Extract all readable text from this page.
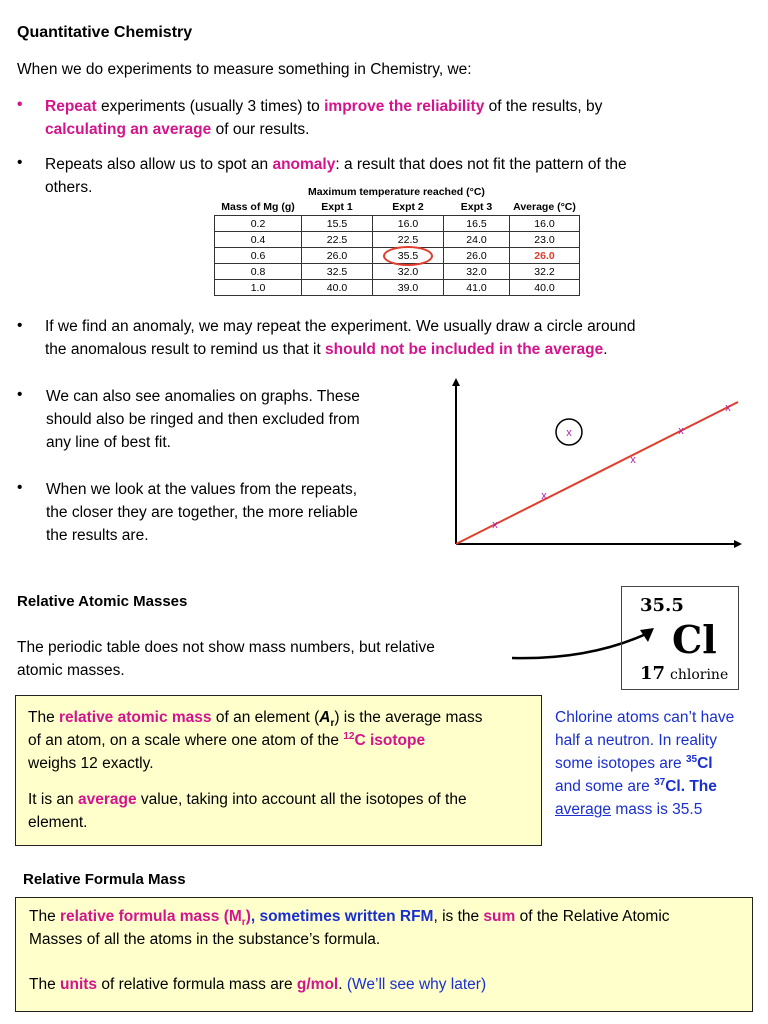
Quantitative Chemistry
When we do experiments to measure something in Chemistry, we:
• Repeat experiments (usually 3 times) to improve the reliability of the results, by
calculating an average of our results.
• Repeats also allow us to spot an anomaly: a result that does not fit the pattern of the
others.	Maximum temperature reached (°C)
Mass of Mg (g)	Expt 1	Expt 2	Expt 3	Average (°C)
0.2	15.5	16.0	16.5	16.0
0.4	22.5	22.5	24.0	23.0
0.6	26.0	35.5	26.0	26.0
0.8	32.5	32.0	32.0	32.2
1.0	40.0	39.0	41.0	40.0
• If we find an anomaly, we may repeat the experiment. We usually draw a circle around
the anomalous result to remind us that it should not be included in the average.
• We can also see anomalies on graphs. These
should also be ringed and then excluded from
any line of best fit.
• When we look at the values from the repeats,
the closer they are together, the more reliable
the results are.
x
x
x
x
x
x
Relative Atomic Masses
The periodic table does not show mass numbers, but relative
atomic masses.
35.5
Cl
17 chlorine
The relative atomic mass of an element $(A_r)$ is the average mass
of an atom, on a scale where one atom of the $^{12}$C isotope
weighs 12 exactly.
It is an average value, taking into account all the isotopes of the
element.
Chlorine atoms can’t have
half a neutron. In reality
some isotopes are $^{35}$Cl
and some are $^{37}$Cl. The
average mass is 35.5
Relative Formula Mass
The relative formula mass $(M_r)$, sometimes written RFM, is the sum of the Relative Atomic
Masses of all the atoms in the substance’s formula.
The units of relative formula mass are g/mol. (We’ll see why later)
